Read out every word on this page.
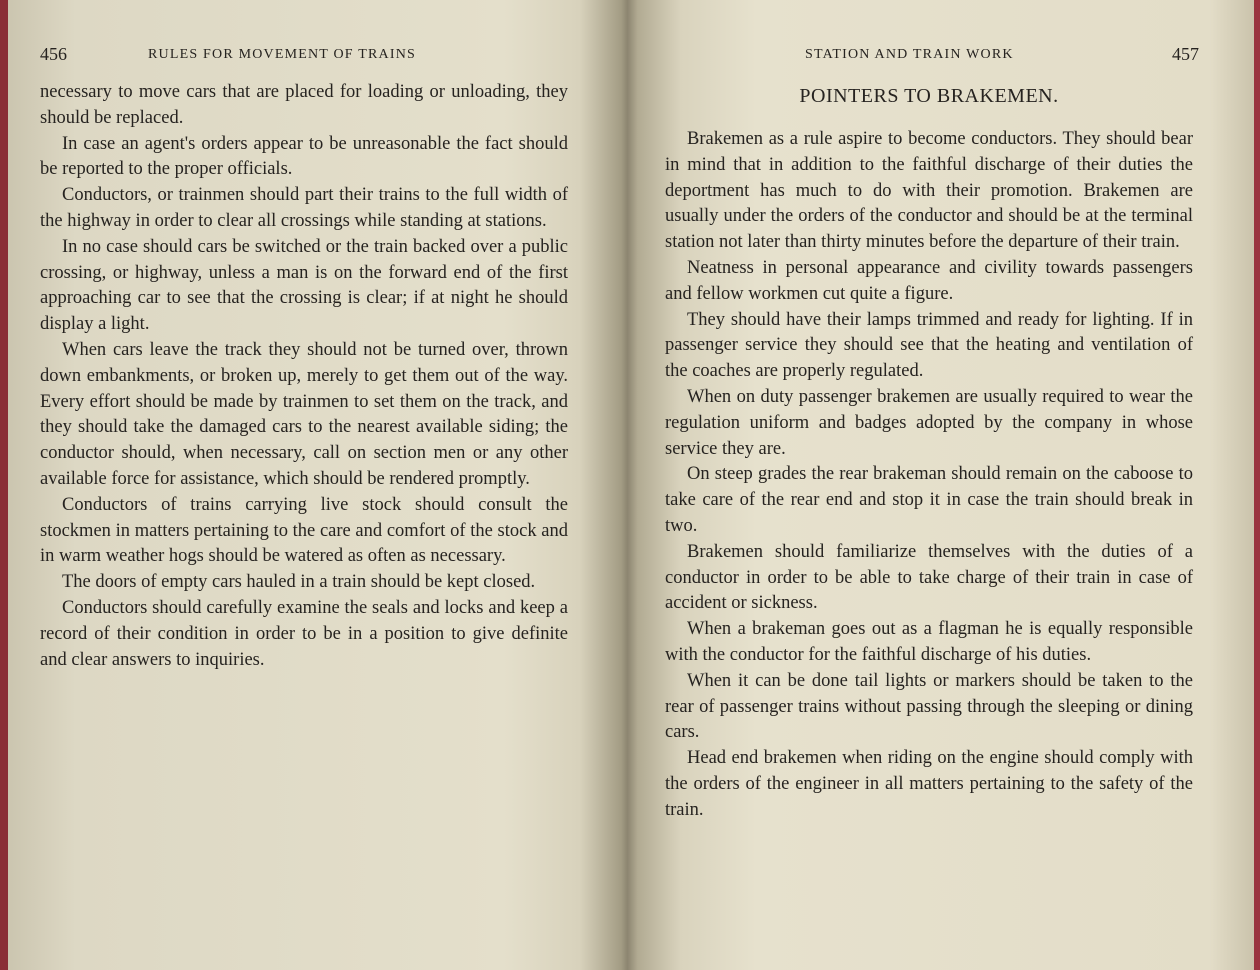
456	RULES FOR MOVEMENT OF TRAINS

necessary to move cars that are placed for loading or unloading, they should be replaced.

In case an agent's orders appear to be unreasonable the fact should be reported to the proper officials.

Conductors, or trainmen should part their trains to the full width of the highway in order to clear all crossings while standing at stations.

In no case should cars be switched or the train backed over a public crossing, or highway, unless a man is on the forward end of the first approaching car to see that the crossing is clear; if at night he should display a light.

When cars leave the track they should not be turned over, thrown down embankments, or broken up, merely to get them out of the way. Every effort should be made by trainmen to set them on the track, and they should take the damaged cars to the nearest available siding; the conductor should, when necessary, call on section men or any other available force for assistance, which should be rendered promptly.

Conductors of trains carrying live stock should consult the stockmen in matters pertaining to the care and comfort of the stock and in warm weather hogs should be watered as often as necessary.

The doors of empty cars hauled in a train should be kept closed.

Conductors should carefully examine the seals and locks and keep a record of their condition in order to be in a position to give definite and clear answers to inquiries.

STATION AND TRAIN WORK	457
POINTERS TO BRAKEMEN.

Brakemen as a rule aspire to become conductors. They should bear in mind that in addition to the faithful discharge of their duties the deportment has much to do with their promotion. Brakemen are usually under the orders of the conductor and should be at the terminal station not later than thirty minutes before the departure of their train.

Neatness in personal appearance and civility towards passengers and fellow workmen cut quite a figure.

They should have their lamps trimmed and ready for lighting. If in passenger service they should see that the heating and ventilation of the coaches are properly regulated.

When on duty passenger brakemen are usually required to wear the regulation uniform and badges adopted by the company in whose service they are.

On steep grades the rear brakeman should remain on the caboose to take care of the rear end and stop it in case the train should break in two.

Brakemen should familiarize themselves with the duties of a conductor in order to be able to take charge of their train in case of accident or sickness.

When a brakeman goes out as a flagman he is equally responsible with the conductor for the faithful discharge of his duties.

When it can be done tail lights or markers should be taken to the rear of passenger trains without passing through the sleeping or dining cars.

Head end brakemen when riding on the engine should comply with the orders of the engineer in all matters pertaining to the safety of the train.
